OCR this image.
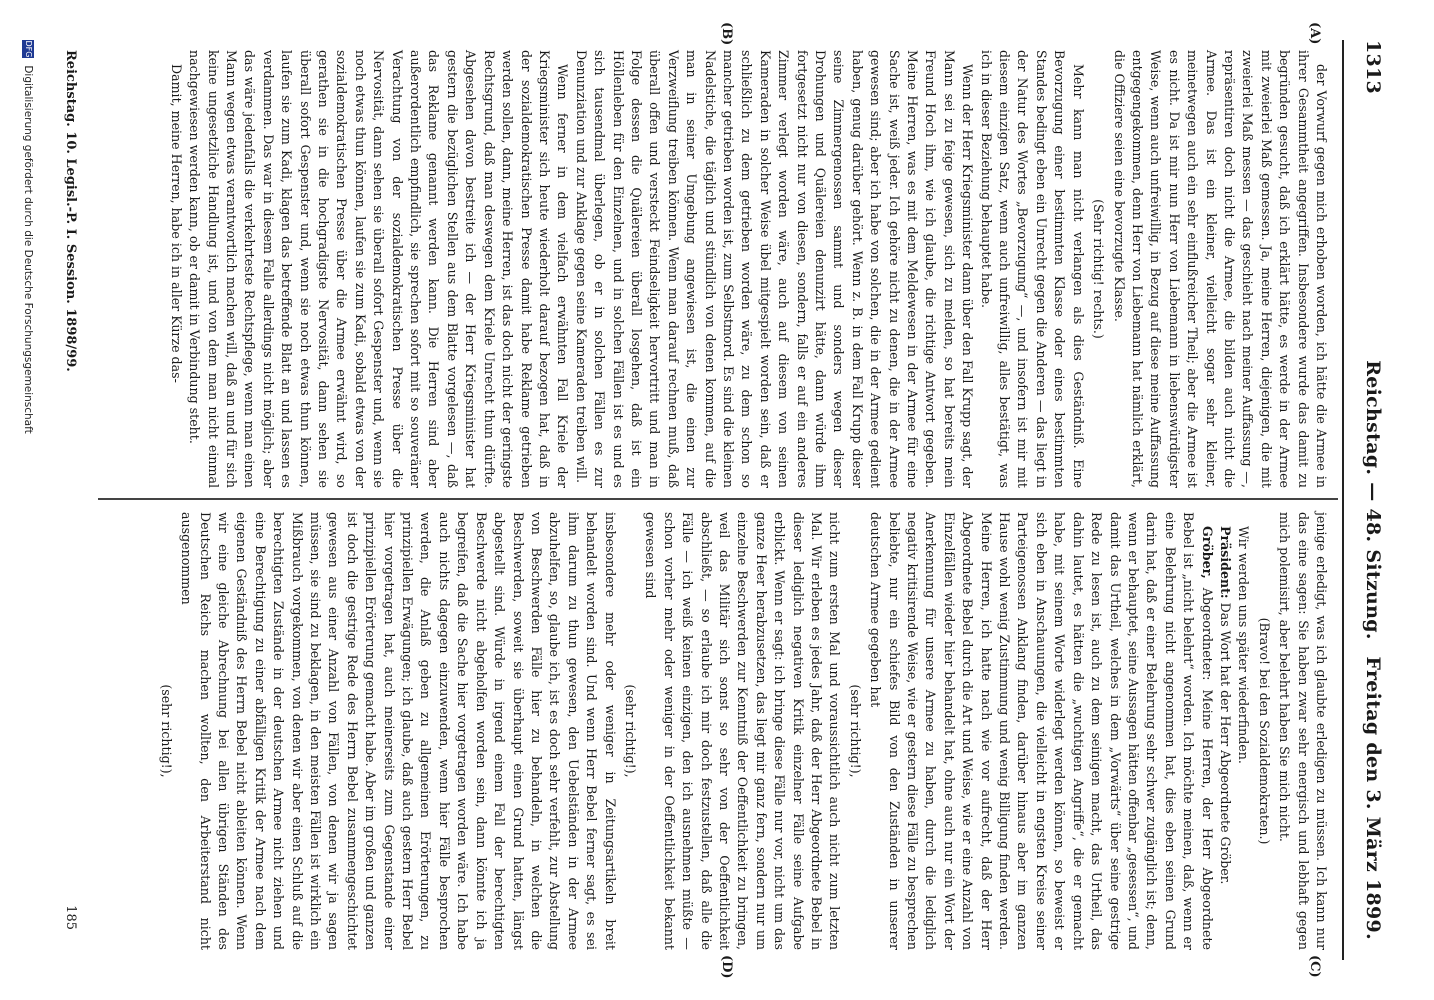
1313
Reichstag. — 48. Sitzung.
Freitag den 3. März 1899.
(A)
(B)
(C)
(D)

der Vorwurf gegen mich erhoben worden, ich hätte die Armee in ihrer Gesammtheit angegriffen. Insbesondere wurde das damit zu begründen gesucht, daß ich erklärt hätte, es werde in der Armee mit zweierlei Maß gemessen. Ja, meine Herren, diejenigen, die mit zweierlei Maß messen — das geschieht nach meiner Auffassung —, repräsentiren doch nicht die Armee, die bilden auch nicht die Armee. Das ist ein kleiner, vielleicht sogar sehr kleiner, meinetwegen auch ein sehr einflußreicher Theil; aber die Armee ist es nicht. Da ist mir nun Herr von Liebemann in liebenswürdigster Weise, wenn auch unfreiwillig, in Bezug auf diese meine Auffassung entgegengekommen, denn Herr von Liebemann hat nämlich erklärt, die Offiziere seien eine bevorzugte Klasse.

(Sehr richtig! rechts.)

Mehr kann man nicht verlangen als dies Geständniß. Eine Bevorzugung einer bestimmten Klasse oder eines bestimmten Standes bedingt eben ein Unrecht gegen die Anderen — das liegt in der Natur des Wortes „Bevorzugung“ —, und insofern ist mir mit diesem einzigen Satz, wenn auch unfreiwillig, alles bestätigt, was ich in dieser Beziehung behauptet habe.

Wenn der Herr Kriegsminister dann über den Fall Krupp sagt, der Mann sei zu feige gewesen, sich zu melden, so hat bereits mein Freund Hoch ihm, wie ich glaube, die richtige Antwort gegeben. Meine Herren, was es mit dem Meldewesen in der Armee für eine Sache ist, weiß jeder. Ich gehöre nicht zu denen, die in der Armee gewesen sind; aber ich habe von solchen, die in der Armee gedient haben, genug darüber gehört. Wenn z. B. in dem Fall Krupp dieser seine Zimmergenossen sammt und sonders wegen dieser Drohungen und Quälereien denunzirt hätte, dann würde ihm fortgesetzt nicht nur von diesen, sondern, falls er auf ein anderes Zimmer verlegt worden wäre, auch auf diesem von seinen Kameraden in solcher Weise übel mitgespielt worden sein, daß er schließlich zu dem getrieben worden wäre, zu dem schon so mancher getrieben worden ist, zum Selbstmord. Es sind die kleinen Nadelstiche, die täglich und stündlich von denen kommen, auf die man in seiner Umgebung angewiesen ist, die einen zur Verzweiflung treiben können. Wenn man darauf rechnen muß, daß überall offen und versteckt Feindseligkeit hervortritt und man in Folge dessen die Quälereien überall losgehen, daß ist ein Höllenleben für den Einzelnen, und in solchen Fällen ist es und es sich tausendmal überlegen, ob er in solchen Fällen es zur Denunziation und zur Anklage gegen seine Kameraden treiben will.

Wenn ferner in dem vielfach erwähnten Fall Kriele der Kriegsminister sich heute wiederholt darauf bezogen hat, daß in der sozialdemokratischen Presse damit habe Reklame getrieben werden sollen, dann, meine Herren, ist das doch nicht der geringste Rechtsgrund, daß man deswegen dem Kriele Unrecht thun dürfte. Abgesehen davon bestreite ich — der Herr Kriegsminister hat gestern die bezüglichen Stellen aus dem Blatte vorgelesen —, daß das Reklame genannt werden kann. Die Herren sind aber außerordentlich empfindlich, sie sprechen sofort mit so souveräner Verachtung von der sozialdemokratischen Presse über die Nervosität, dann sehen sie überall sofort Gespenster und, wenn sie noch etwas thun können, laufen sie zum Kadi, sobald etwas von der sozialdemokratischen Presse über die Armee erwähnt wird, so gerathen sie in die hochgradigste Nervosität, dann sehen sie überall sofort Gespenster und, wenn sie noch etwas thun können, laufen sie zum Kadi, klagen das betreffende Blatt an und lassen es verdammen. Das war in diesem Falle allerdings nicht möglich; aber das wäre jedenfalls die verkehrteste Rechtspflege, wenn man einen Mann wegen etwas verantwortlich machen will, daß an und für sich keine ungesetzliche Handlung ist, und von dem man nicht einmal nachgewiesen werden kann, ob er damit in Verbindung steht.

Damit, meine Herren, habe ich in aller Kürze das-

jenige erledigt, was ich glaubte erledigen zu müssen. Ich kann nur das eine sagen: Sie haben zwar sehr energisch und lebhaft gegen mich polemisirt, aber belehrt haben Sie mich nicht.

(Bravo! bei den Sozialdemokraten.)

Wir werden uns später wiederfinden.

Präsident: Das Wort hat der Herr Abgeordnete Gröber.

Gröber, Abgeordneter: Meine Herren, der Herr Abgeordnete Bebel ist „nicht belehrt“ worden. Ich möchte meinen, daß, wenn er eine Belehrung nicht angenommen hat, dies eben seinen Grund darin hat, daß er einer Belehrung sehr schwer zugänglich ist; denn, wenn er behauptet, seine Aussagen hätten offenbar „gesessen“, und damit das Urtheil, welches in dem „Vorwärts“ über seine gestrige Rede zu lesen ist, auch zu dem seinigen macht, das Urtheil, das dahin lautet, es hätten die „wuchtigen Angriffe“, die er gemacht habe, mit seinem Worte widerlegt werden können, so beweist er sich eben in Anschauungen, die vielleicht in engsten Kreise seiner Parteigenossen Anklang finden, darüber hinaus aber im ganzen Hause wohl wenig Zustimmung und wenig Billigung finden werden. Meine Herren, ich hatte nach wie vor aufrecht, daß der Herr Abgeordnete Bebel durch die Art und Weise, wie er eine Anzahl von Einzelfällen wieder hier behandelt hat, ohne auch nur ein Wort der Anerkennung für unsere Armee zu haben, durch die lediglich negativ kritisirende Weise, wie er gestern diese Fälle zu besprechen beliebte, nur ein schiefes Bild von den Zuständen in unserer deutschen Armee gegeben hat

(sehr richtig!),

nicht zum ersten Mal und voraussichtlich auch nicht zum letzten Mal. Wir erleben es jedes Jahr, daß der Herr Abgeordnete Bebel in dieser lediglich negativen Kritik einzelner Fälle seine Aufgabe erblickt. Wenn er sagt: ich bringe diese Fälle nur vor, nicht um das ganze Heer herabzusetzen, das liegt mir ganz fern, sondern nur um einzelne Beschwerden zur Kenntniß der Oeffentlichkeit zu bringen, weil das Militär sich sonst so sehr von der Oeffentlichkeit abschließt, — so erlaube ich mir doch festzustellen, daß alle die Fälle — ich weiß keinen einzigen, den ich ausnehmen müßte — schon vorher mehr oder weniger in der Oeffentlichkeit bekannt gewesen sind

(sehr richtig!),

insbesondere mehr oder weniger in Zeitungsartikeln breit behandelt worden sind. Und wenn Herr Bebel ferner sagt, es sei ihm darum zu thun gewesen, den Uebelständen in der Armee abzuhelfen, so, glaube ich, ist es doch sehr verfehlt, zur Abstellung von Beschwerden Fälle hier zu behandeln, in welchen die Beschwerden, soweit sie überhaupt einen Grund hatten, längst abgestellt sind. Würde in irgend einem Fall der berechtigten Beschwerde nicht abgeholfen worden sein, dann könnte ich ja begreifen, daß die Sache hier vorgetragen worden wäre. Ich habe auch nichts dagegen einzuwenden, wenn hier Fälle besprochen werden, die Anlaß geben zu allgemeinen Erörterungen, zu prinzipiellen Erwägungen; ich glaube, daß auch gestern Herr Bebel hier vorgetragen hat, auch meinerseits zum Gegenstande einer prinzipiellen Erörterung gemacht habe. Aber im großen und ganzen ist doch die gestrige Rede des Herrn Bebel zusammengeschichtet gewesen aus einer Anzahl von Fällen, von denen wir ja sagen müssen, sie sind zu beklagen, in den meisten Fällen ist wirklich ein Mißbrauch vorgekommen, von denen wir aber einen Schluß auf die berechtigten Zustände in der deutschen Armee nicht ziehen und eine Berechtigung zu einer abfälligen Kritik der Armee nach dem eigenen Geständniß des Herrn Bebel nicht ableiten können. Wenn wir eine gleiche Abrechnung bei allen übrigen Ständen des Deutschen Reichs machen wollten, den Arbeiterstand nicht ausgenommen

(sehr richtig!),

Reichstag. 10. Legisl.-P. I. Session. 1898/99.
185
DFG Digitalisierung gefördert durch die Deutsche Forschungsgemeinschaft
